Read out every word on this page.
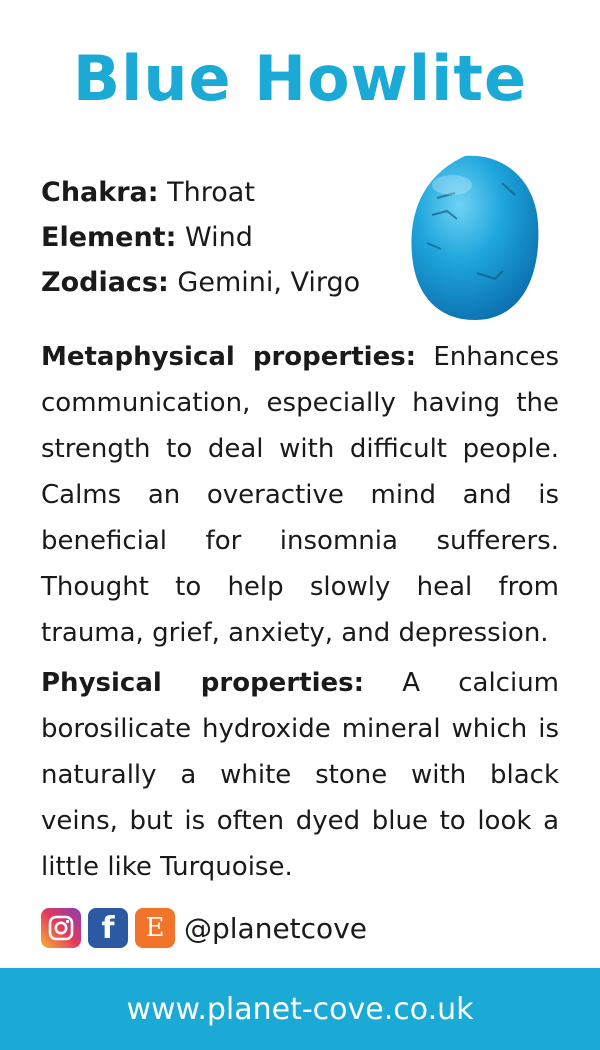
Blue Howlite
Chakra: Throat
Element: Wind
Zodiacs: Gemini, Virgo

Metaphysical properties: Enhances communication, especially having the strength to deal with difficult people. Calms an overactive mind and is beneficial for insomnia sufferers. Thought to help slowly heal from trauma, grief, anxiety, and depression.

Physical properties: A calcium borosilicate hydroxide mineral which is naturally a white stone with black veins, but is often dyed blue to look a little like Turquoise.

f E @planetcove
www.planet-cove.co.uk
